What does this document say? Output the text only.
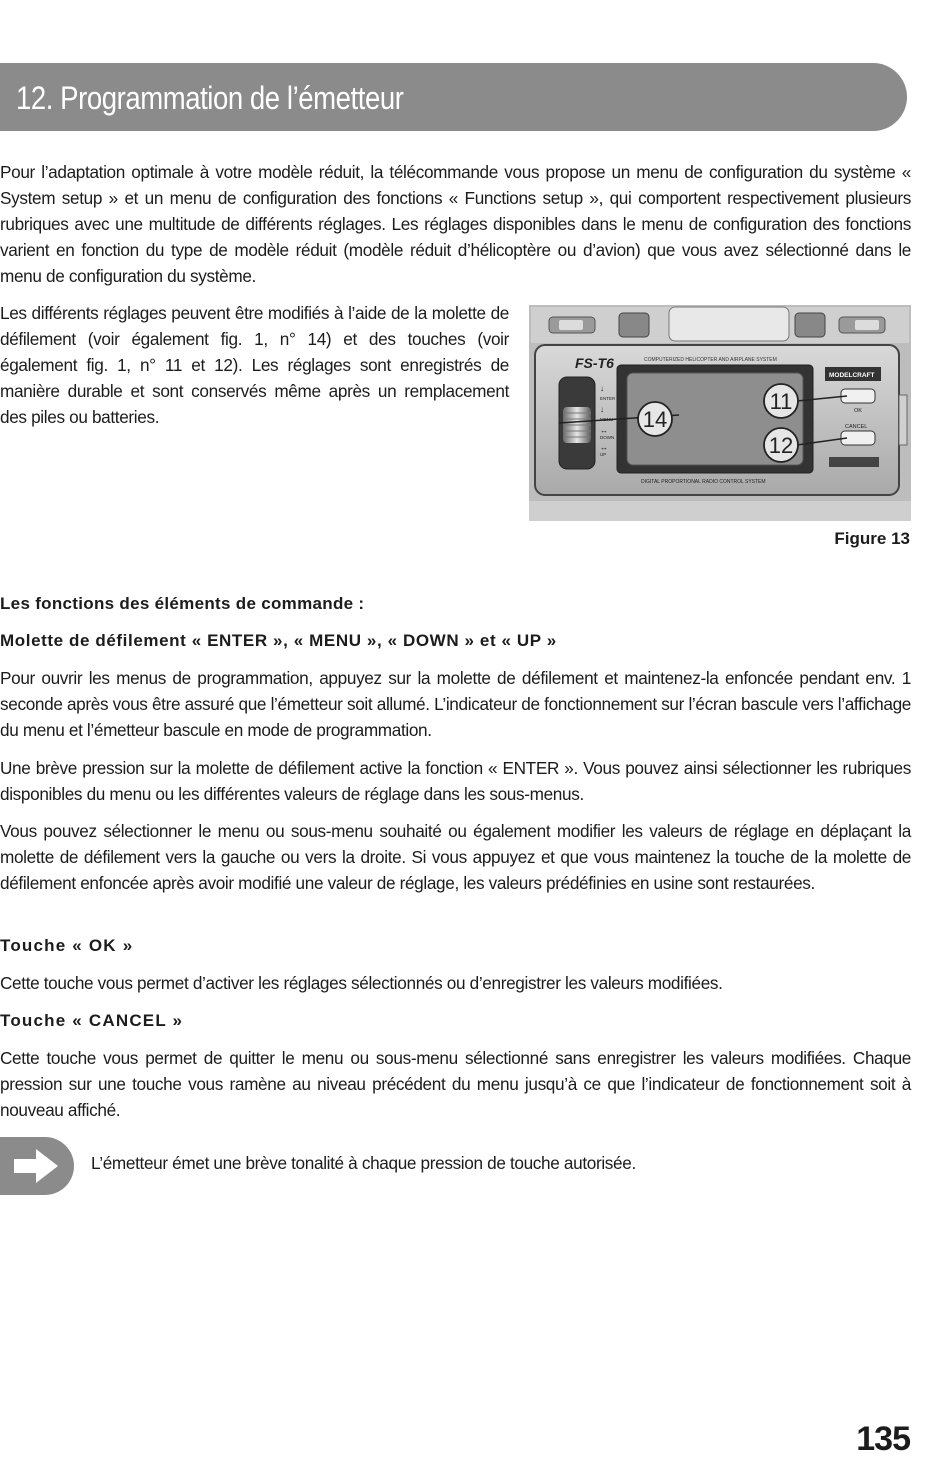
12. Programmation de l’émetteur

Pour l’adaptation optimale à votre modèle réduit, la télécommande vous propose un menu de configuration du système « System setup » et un menu de configuration des fonctions « Functions setup », qui comportent respectivement plusieurs rubriques avec une multitude de différents réglages. Les réglages disponibles dans le menu de configuration des fonctions varient en fonction du type de modèle réduit (modèle réduit d’hélicoptère ou d’avion) que vous avez sélectionné dans le menu de configuration du système.

Les différents réglages peuvent être modifiés à l’aide de la molette de défilement (voir également fig. 1, n° 14) et des touches (voir également fig. 1, n° 11 et 12). Les réglages sont enregistrés de manière durable et sont conservés même après un remplacement des piles ou batteries.

FS-T6	COMPUTERIZED HELICOPTER AND AIRPLANE SYSTEM
↓
ENTER
↓
↔
DOWN
↔
UP
DIGITAL PROPORTIONAL RADIO CONTROL SYSTEM
MODELCRAFT
OK
CANCEL
14
11
12
Figure 13
Les fonctions des éléments de commande :
Molette de défilement « ENTER », « MENU », « DOWN » et « UP »

Pour ouvrir les menus de programmation, appuyez sur la molette de défilement et maintenez-la enfoncée pendant env. 1 seconde après vous être assuré que l’émetteur soit allumé. L’indicateur de fonctionnement sur l’écran bascule vers l’affichage du menu et l’émetteur bascule en mode de programmation.

Une brève pression sur la molette de défilement active la fonction « ENTER ». Vous pouvez ainsi sélectionner les rubriques disponibles du menu ou les différentes valeurs de réglage dans les sous-menus.

Vous pouvez sélectionner le menu ou sous-menu souhaité ou également modifier les valeurs de réglage en déplaçant la molette de défilement vers la gauche ou vers la droite. Si vous appuyez et que vous maintenez la touche de la molette de défilement enfoncée après avoir modifié une valeur de réglage, les valeurs prédéfinies en usine sont restaurées.

Touche « OK »

Cette touche vous permet d’activer les réglages sélectionnés ou d’enregistrer les valeurs modifiées.

Touche « CANCEL »

Cette touche vous permet de quitter le menu ou sous-menu sélectionné sans enregistrer les valeurs modifiées. Chaque pression sur une touche vous ramène au niveau précédent du menu jusqu’à ce que l’indicateur de fonctionnement soit à nouveau affiché.

L’émetteur émet une brève tonalité à chaque pression de touche autorisée.
135
